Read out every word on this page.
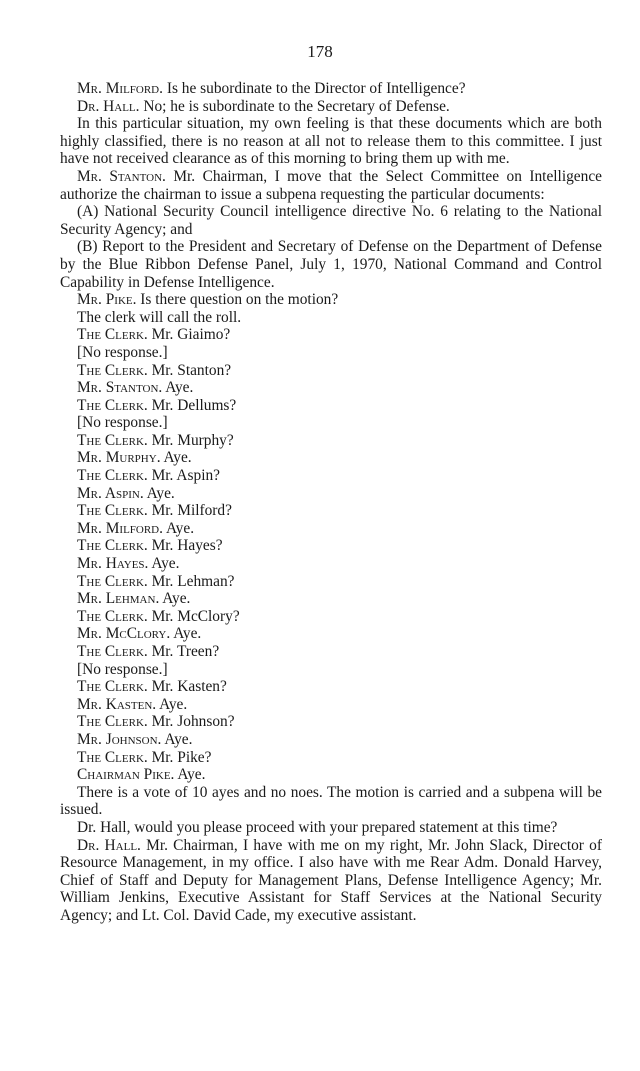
178

Mr. Milford. Is he subordinate to the Director of Intelligence?

Dr. Hall. No; he is subordinate to the Secretary of Defense.

In this particular situation, my own feeling is that these documents which are both highly classified, there is no reason at all not to release them to this committee. I just have not received clearance as of this morning to bring them up with me.

Mr. Stanton. Mr. Chairman, I move that the Select Committee on Intelligence authorize the chairman to issue a subpena requesting the particular documents:

(A) National Security Council intelligence directive No. 6 relating to the National Security Agency; and

(B) Report to the President and Secretary of Defense on the Department of Defense by the Blue Ribbon Defense Panel, July 1, 1970, National Command and Control Capability in Defense Intelligence.

Mr. Pike. Is there question on the motion?

The clerk will call the roll.

The Clerk. Mr. Giaimo?

[No response.]

The Clerk. Mr. Stanton?

Mr. Stanton. Aye.

The Clerk. Mr. Dellums?

[No response.]

The Clerk. Mr. Murphy?

Mr. Murphy. Aye.

The Clerk. Mr. Aspin?

Mr. Aspin. Aye.

The Clerk. Mr. Milford?

Mr. Milford. Aye.

The Clerk. Mr. Hayes?

Mr. Hayes. Aye.

The Clerk. Mr. Lehman?

Mr. Lehman. Aye.

The Clerk. Mr. McClory?

Mr. McClory. Aye.

The Clerk. Mr. Treen?

[No response.]

The Clerk. Mr. Kasten?

Mr. Kasten. Aye.

The Clerk. Mr. Johnson?

Mr. Johnson. Aye.

The Clerk. Mr. Pike?

Chairman Pike. Aye.

There is a vote of 10 ayes and no noes. The motion is carried and a subpena will be issued.

Dr. Hall, would you please proceed with your prepared statement at this time?

Dr. Hall. Mr. Chairman, I have with me on my right, Mr. John Slack, Director of Resource Management, in my office. I also have with me Rear Adm. Donald Harvey, Chief of Staff and Deputy for Management Plans, Defense Intelligence Agency; Mr. William Jenkins, Executive Assistant for Staff Services at the National Security Agency; and Lt. Col. David Cade, my executive assistant.
